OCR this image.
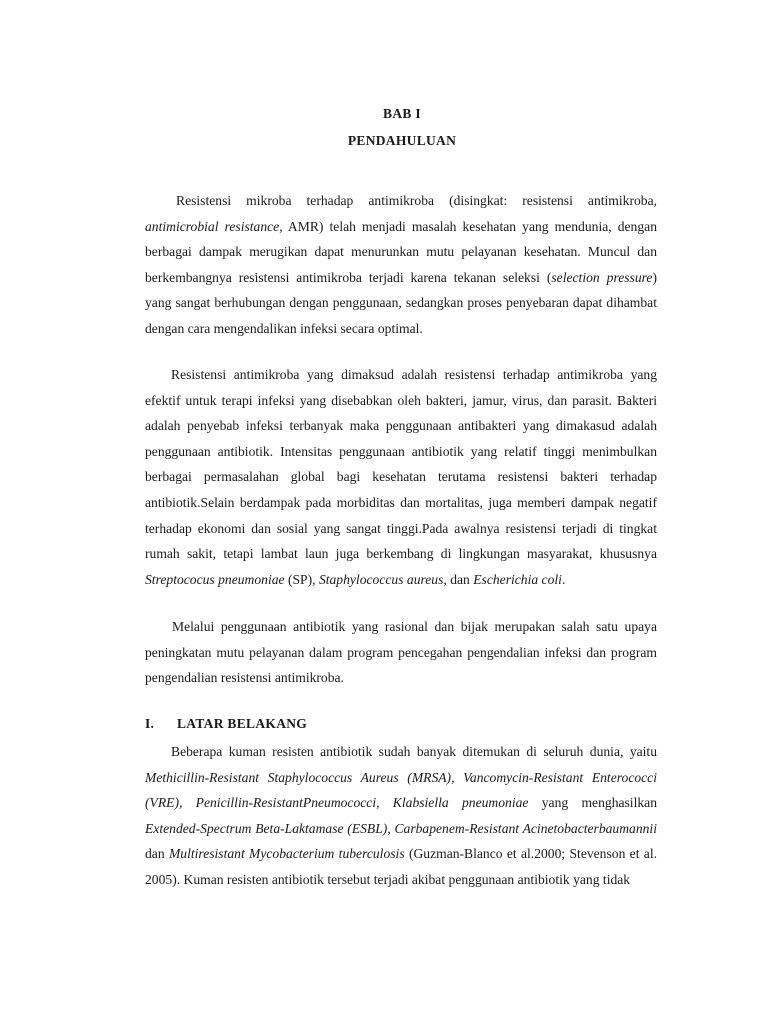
BAB I
PENDAHULUAN

Resistensi mikroba terhadap antimikroba (disingkat: resistensi antimikroba, antimicrobial resistance, AMR) telah menjadi masalah kesehatan yang mendunia, dengan berbagai dampak merugikan dapat menurunkan mutu pelayanan kesehatan. Muncul dan berkembangnya resistensi antimikroba terjadi karena tekanan seleksi (selection pressure) yang sangat berhubungan dengan penggunaan, sedangkan proses penyebaran dapat dihambat dengan cara mengendalikan infeksi secara optimal.

Resistensi antimikroba yang dimaksud adalah resistensi terhadap antimikroba yang efektif untuk terapi infeksi yang disebabkan oleh bakteri, jamur, virus, dan parasit. Bakteri adalah penyebab infeksi terbanyak maka penggunaan antibakteri yang dimakasud adalah penggunaan antibiotik. Intensitas penggunaan antibiotik yang relatif tinggi menimbulkan berbagai permasalahan global bagi kesehatan terutama resistensi bakteri terhadap antibiotik.Selain berdampak pada morbiditas dan mortalitas, juga memberi dampak negatif terhadap ekonomi dan sosial yang sangat tinggi.Pada awalnya resistensi terjadi di tingkat rumah sakit, tetapi lambat laun juga berkembang di lingkungan masyarakat, khususnya Streptococus pneumoniae (SP), Staphylococcus aureus, dan Escherichia coli.

Melalui penggunaan antibiotik yang rasional dan bijak merupakan salah satu upaya peningkatan mutu pelayanan dalam program pencegahan pengendalian infeksi dan program pengendalian resistensi antimikroba.

I. LATAR BELAKANG

Beberapa kuman resisten antibiotik sudah banyak ditemukan di seluruh dunia, yaitu Methicillin-Resistant Staphylococcus Aureus (MRSA), Vancomycin-Resistant Enterococci (VRE), Penicillin-ResistantPneumococci, Klabsiella pneumoniae yang menghasilkan Extended-Spectrum Beta-Laktamase (ESBL), Carbapenem-Resistant Acinetobacterbaumannii dan Multiresistant Mycobacterium tuberculosis (Guzman-Blanco et al.2000; Stevenson et al. 2005). Kuman resisten antibiotik tersebut terjadi akibat penggunaan antibiotik yang tidak
